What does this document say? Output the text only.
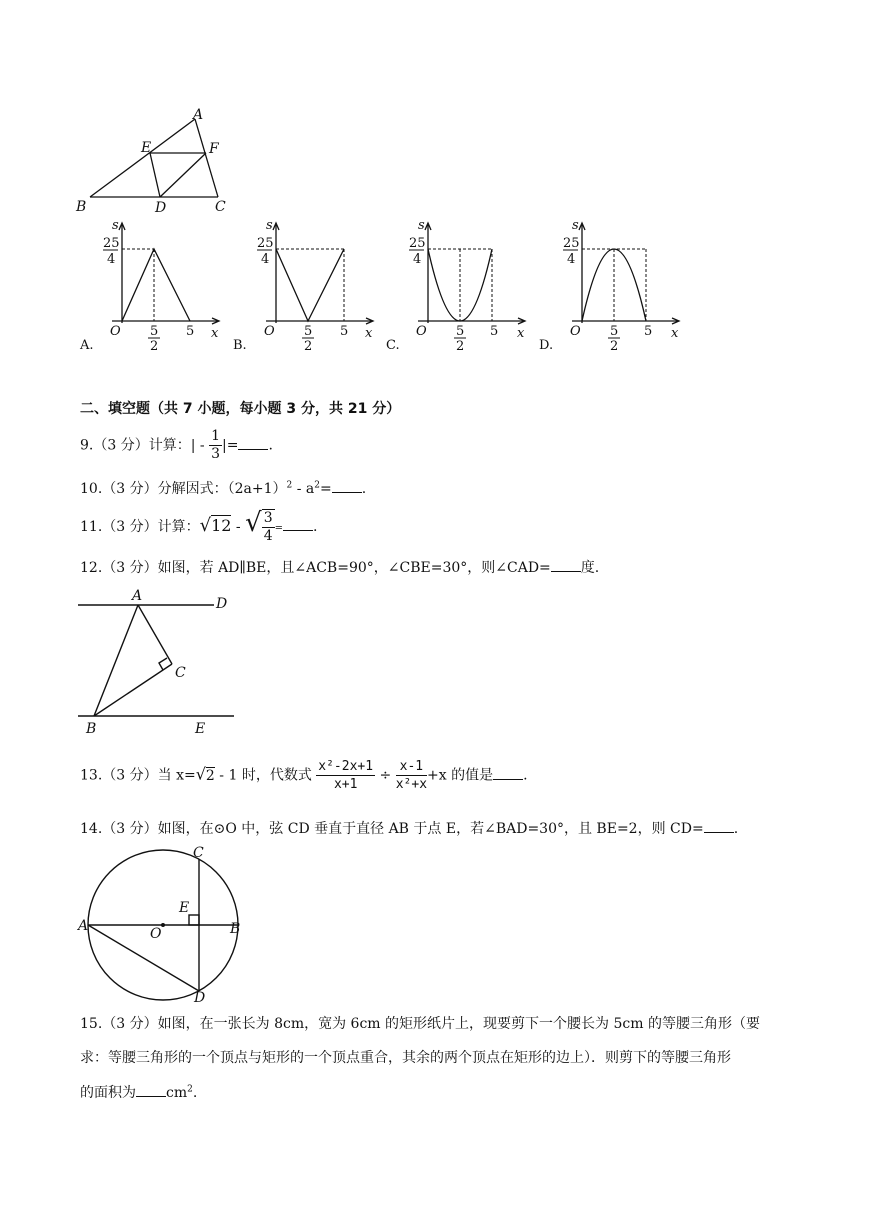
A
E	F
B	D	C
s
25
4
O 5
2
5 x
s
25
4
O 5
2
5 x
s
25
4
O 5
2
5 x
s
25
4
O 5
2
5 x
A.	B.	C.	D.
二、填空题（共 7 小题，每小题 3 分，共 21 分）
9.（3 分）计算：| - $\frac{1}{3}$ |= .
10.（3 分）分解因式：$(2a+1)^2 - a^2=$ .
11.（3 分）计算：√12 - √ $\frac{3}{4}$ = .
12.（3 分）如图，若 AD∥BE，且∠ACB=90°，∠CBE=30°，则∠CAD= 度.
A	D
C
B	E
13.（3 分）当 x=√2 - 1 时，代数式 $\frac{\text{x²-2x+1}}{x+1} \div \frac{x-1}{\text{x²+x}} +x$ 的值是 .
14.（3 分）如图，在⊙O 中，弦 CD 垂直于直径 AB 于点 E，若∠BAD=30°，且 BE=2，则 CD= .
C
E
A	O	B
D
15.（3 分）如图，在一张长为 8cm，宽为 6cm 的矩形纸片上，现要剪下一个腰长为 5cm 的等腰三角形（要
求：等腰三角形的一个顶点与矩形的一个顶点重合，其余的两个顶点在矩形的边上）．则剪下的等腰三角形
的面积为 $cm^2$.
